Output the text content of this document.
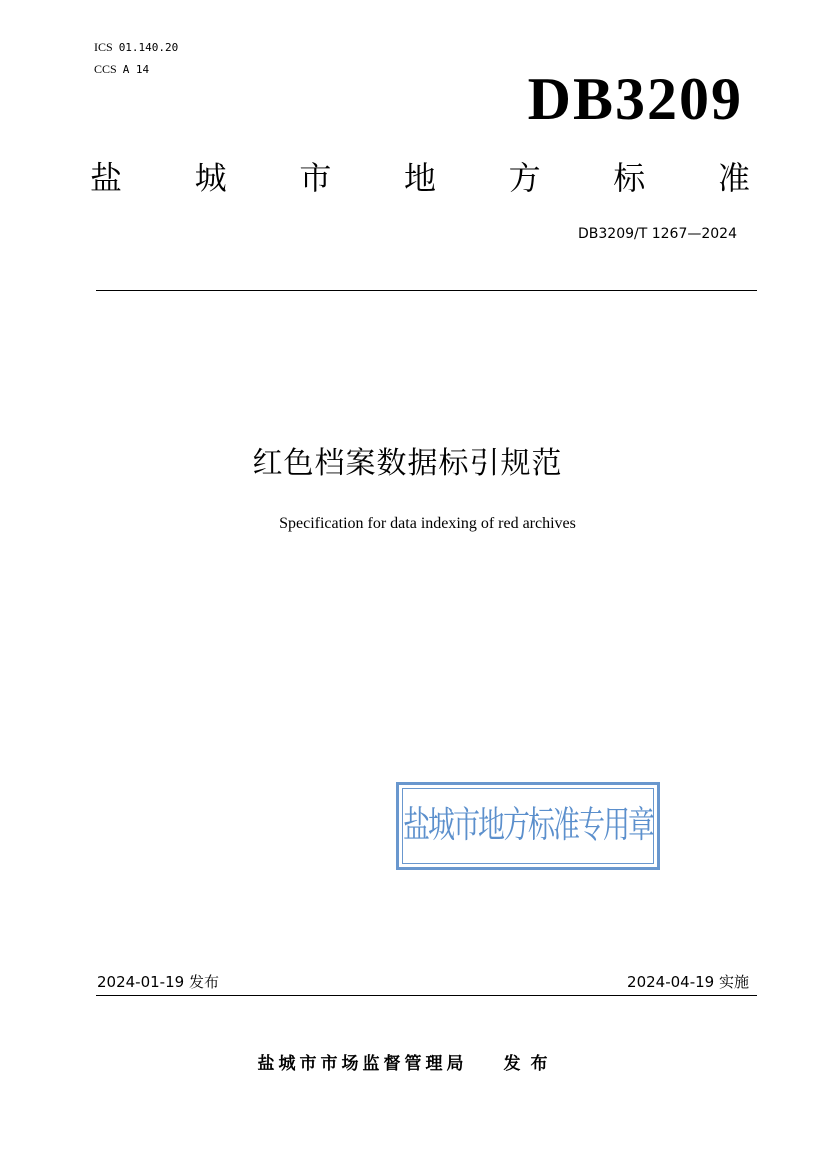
ICS 01.140.20
CCS A 14	DB3209
盐 城 市 地 方 标 准
DB3209/T 1267—2024
红色档案数据标引规范
Specification for data indexing of red archives
盐城市地方标准专用章
2024-01-19 发布	2024-04-19 实施
盐城市市场监督管理局 发布
